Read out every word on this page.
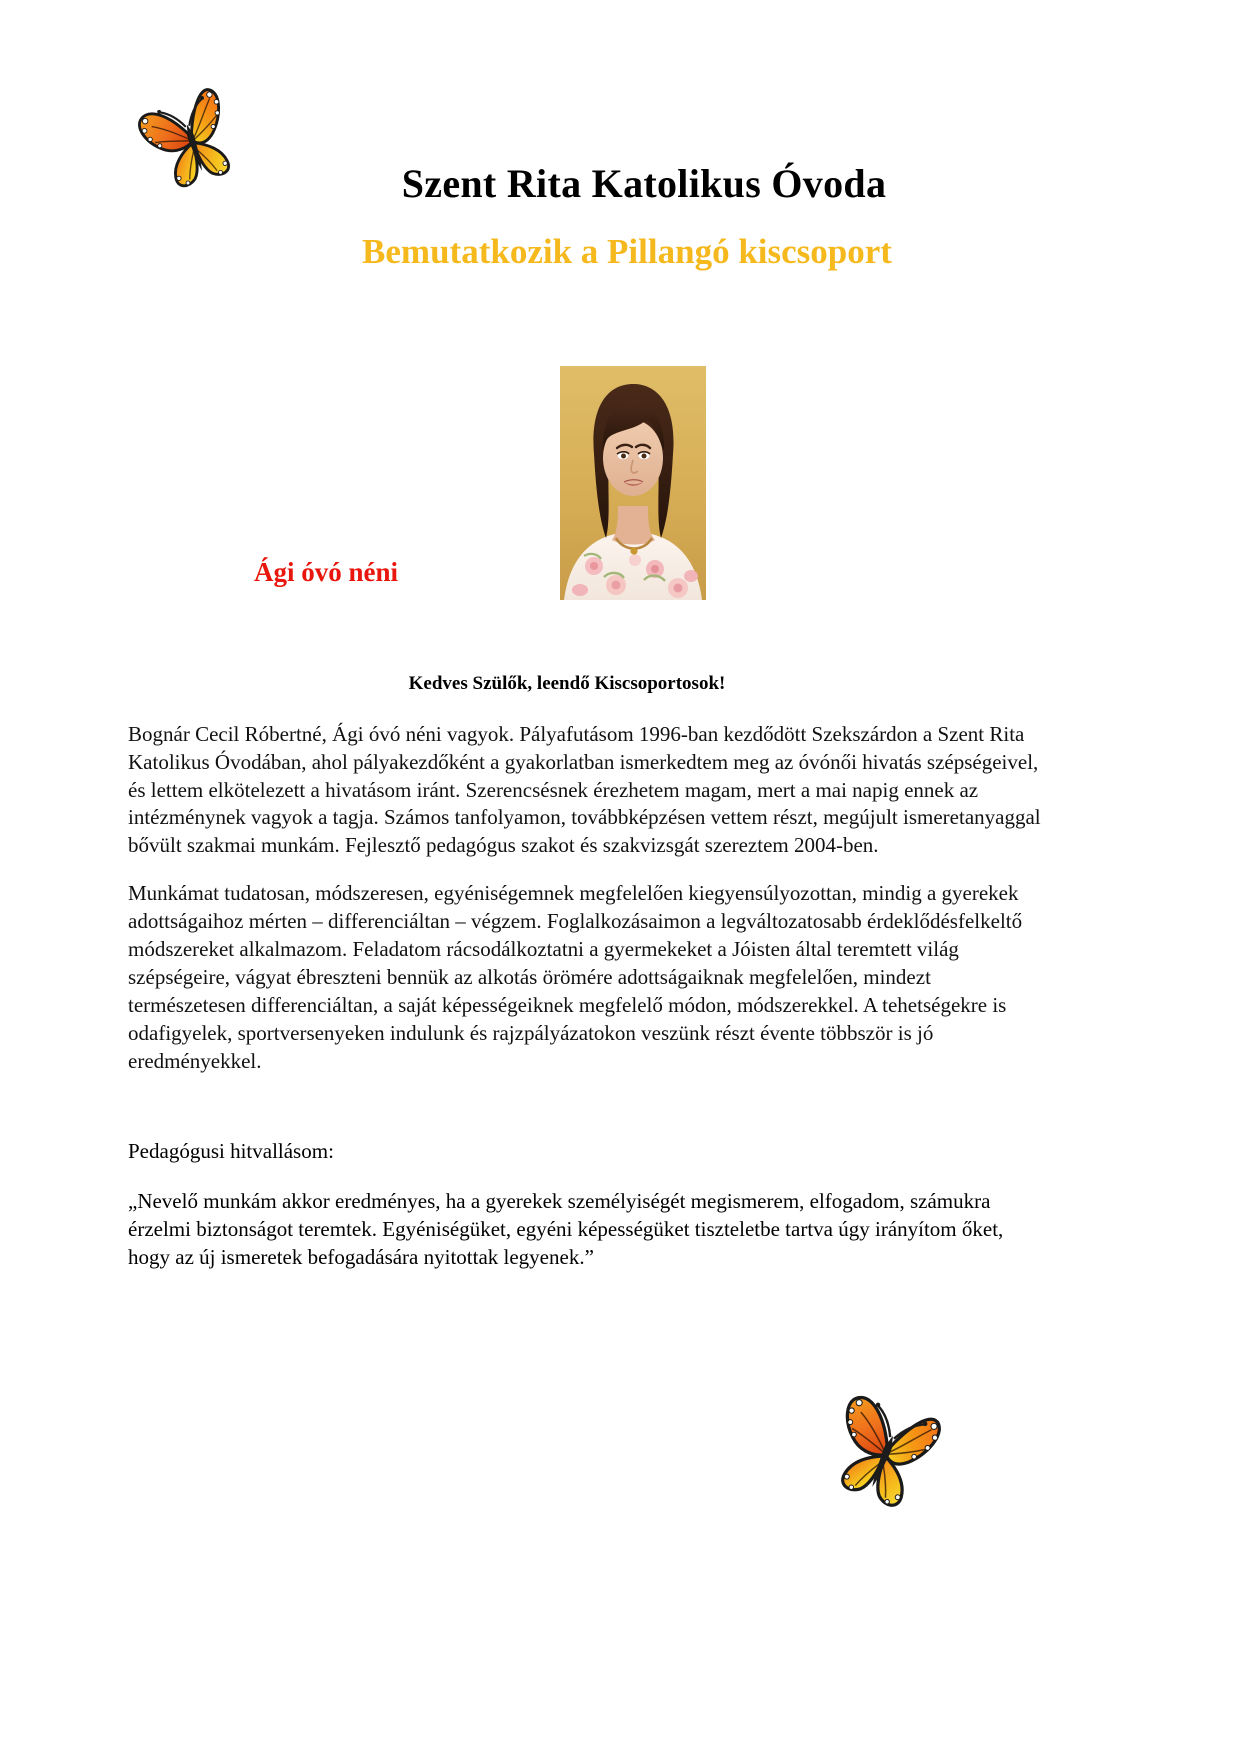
Szent Rita Katolikus Óvoda
Bemutatkozik a Pillangó kiscsoport
Ági óvó néni
Kedves Szülők, leendő Kiscsoportosok!

Bognár Cecil Róbertné, Ági óvó néni vagyok. Pályafutásom 1996-ban kezdődött Szekszárdon a Szent Rita Katolikus Óvodában, ahol pályakezdőként a gyakorlatban ismerkedtem meg az óvónői hivatás szépségeivel, és lettem elkötelezett a hivatásom iránt. Szerencsésnek érezhetem magam, mert a mai napig ennek az intézménynek vagyok a tagja. Számos tanfolyamon, továbbképzésen vettem részt, megújult ismeretanyaggal bővült szakmai munkám. Fejlesztő pedagógus szakot és szakvizsgát szereztem 2004-ben.

Munkámat tudatosan, módszeresen, egyéniségemnek megfelelően kiegyensúlyozottan, mindig a gyerekek adottságaihoz mérten – differenciáltan – végzem. Foglalkozásaimon a legváltozatosabb érdeklődésfelkeltő módszereket alkalmazom. Feladatom rácsodálkoztatni a gyermekeket a Jóisten által teremtett világ szépségeire, vágyat ébreszteni bennük az alkotás örömére adottságaiknak megfelelően, mindezt természetesen differenciáltan, a saját képességeiknek megfelelő módon, módszerekkel. A tehetségekre is odafigyelek, sportversenyeken indulunk és rajzpályázatokon veszünk részt évente többször is jó eredményekkel.

Pedagógusi hitvallásom:

„Nevelő munkám akkor eredményes, ha a gyerekek személyiségét megismerem, elfogadom, számukra érzelmi biztonságot teremtek. Egyéniségüket, egyéni képességüket tiszteletbe tartva úgy irányítom őket, hogy az új ismeretek befogadására nyitottak legyenek.”
